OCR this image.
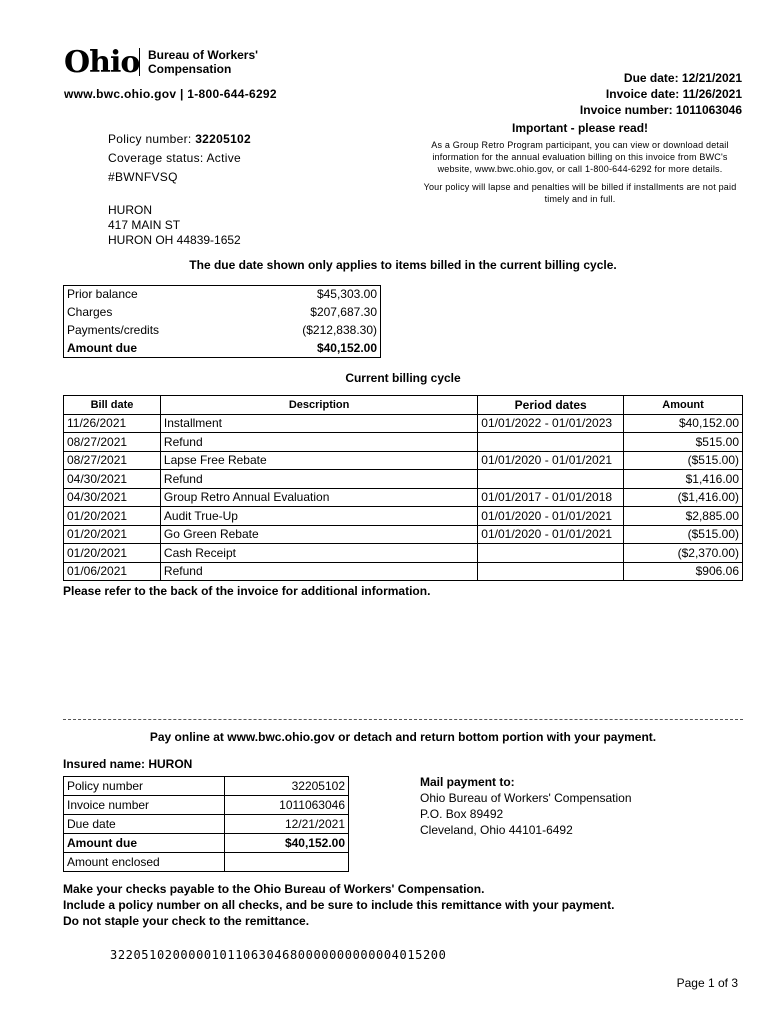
Ohio Bureau of Workers'
Compensation
www.bwc.ohio.gov | 1-800-644-6292
Due date: 12/21/2021
Invoice date: 11/26/2021
Invoice number: 1011063046
Policy number: 32205102
Coverage status: Active
#BWNFVSQ
HURON
417 MAIN ST
HURON OH 44839-1652
Important - please read!

As a Group Retro Program participant, you can view or download detail information for the annual evaluation billing on this invoice from BWC's website, www.bwc.ohio.gov, or call 1-800-644-6292 for more details.

Your policy will lapse and penalties will be billed if installments are not paid timely and in full.

The due date shown only applies to items billed in the current billing cycle.
Prior balance	$45,303.00
Charges	$207,687.30
Payments/credits	($212,838.30)
Amount due	$40,152.00
Current billing cycle
Bill date	Description	Period dates	Amount
11/26/2021	Installment	01/01/2022 - 01/01/2023	$40,152.00
08/27/2021	Refund		$515.00
08/27/2021	Lapse Free Rebate	01/01/2020 - 01/01/2021	($515.00)
04/30/2021	Refund		$1,416.00
04/30/2021	Group Retro Annual Evaluation	01/01/2017 - 01/01/2018	($1,416.00)
01/20/2021	Audit True-Up	01/01/2020 - 01/01/2021	$2,885.00
01/20/2021	Go Green Rebate	01/01/2020 - 01/01/2021	($515.00)
01/20/2021	Cash Receipt		($2,370.00)
01/06/2021	Refund		$906.06
Please refer to the back of the invoice for additional information.
Pay online at www.bwc.ohio.gov or detach and return bottom portion with your payment.
Insured name: HURON
Policy number	32205102
Invoice number	1011063046
Due date	12/21/2021
Amount due	$40,152.00
Amount enclosed	
Mail payment to:
Ohio Bureau of Workers' Compensation
P.O. Box 89492
Cleveland, Ohio 44101-6492
Make your checks payable to the Ohio Bureau of Workers' Compensation.
Include a policy number on all checks, and be sure to include this remittance with your payment.
Do not staple your check to the remittance.
3220510200000101106304680000000000004015200
Page 1 of 3
